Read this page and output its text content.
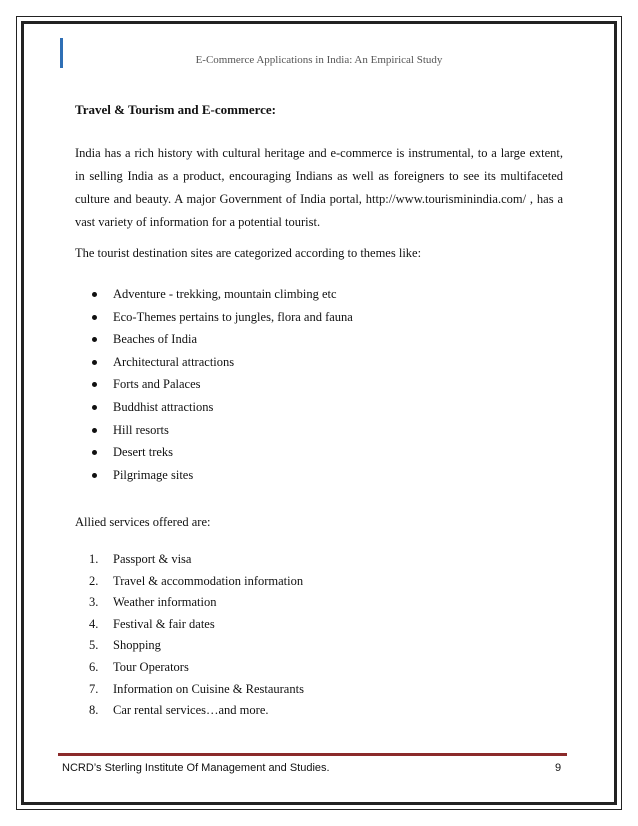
E-Commerce Applications in India: An Empirical Study
Travel & Tourism and E-commerce:
India has a rich history with cultural heritage and e-commerce is instrumental, to a large extent, in selling India as a product, encouraging Indians as well as foreigners to see its multifaceted culture and beauty. A major Government of India portal, http://www.tourisminindia.com/ , has a vast variety of information for a potential tourist.
The tourist destination sites are categorized according to themes like:
Adventure - trekking, mountain climbing etc
Eco-Themes pertains to jungles, flora and fauna
Beaches of India
Architectural attractions
Forts and Palaces
Buddhist attractions
Hill resorts
Desert treks
Pilgrimage sites
Allied services offered are:
1. Passport & visa
2. Travel & accommodation information
3. Weather information
4. Festival & fair dates
5. Shopping
6. Tour Operators
7. Information on Cuisine & Restaurants
8. Car rental services…and more.
NCRD’s Sterling Institute Of Management and Studies.	9
